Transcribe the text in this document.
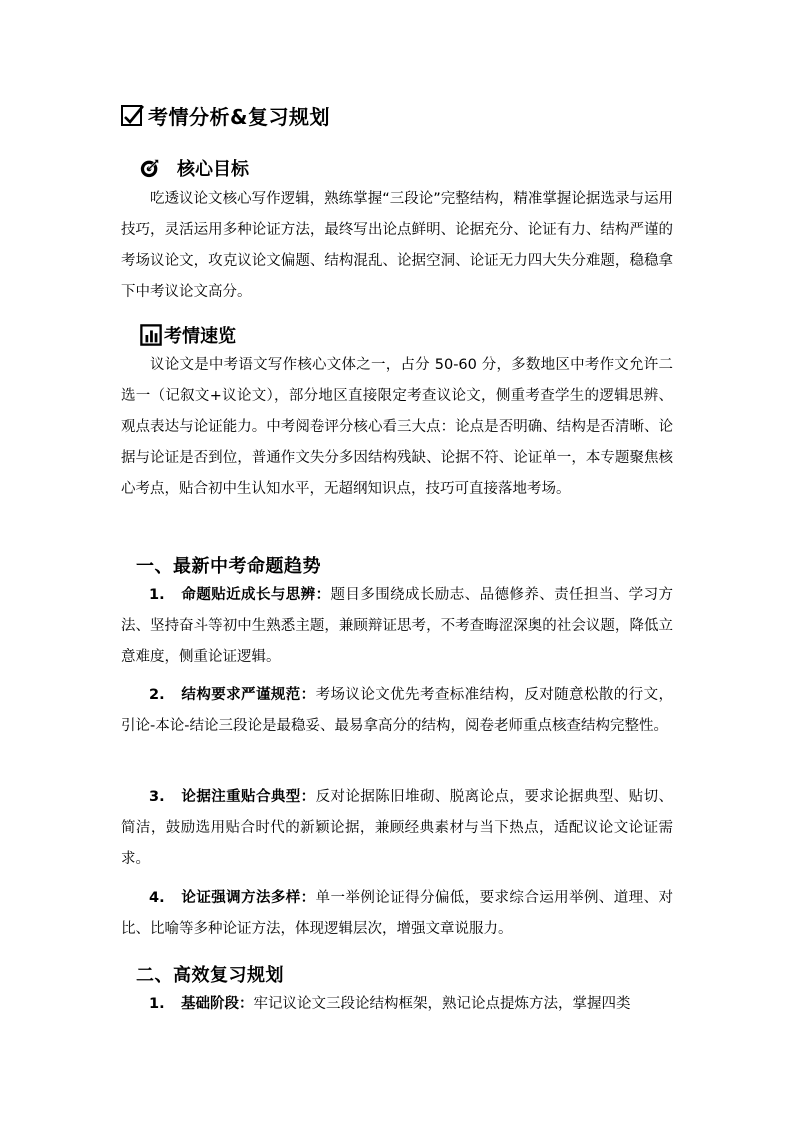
考情分析&复习规划
核心目标

吃透议论文核心写作逻辑，熟练掌握“三段论”完整结构，精准掌握论据选录与运用技巧，灵活运用多种论证方法，最终写出论点鲜明、论据充分、论证有力、结构严谨的考场议论文，攻克议论文偏题、结构混乱、论据空洞、论证无力四大失分难题，稳稳拿下中考议论文高分。

考情速览

议论文是中考语文写作核心文体之一，占分 50-60 分，多数地区中考作文允许二选一（记叙文+议论文），部分地区直接限定考查议论文，侧重考查学生的逻辑思辨、观点表达与论证能力。中考阅卷评分核心看三大点：论点是否明确、结构是否清晰、论据与论证是否到位，普通作文失分多因结构残缺、论据不符、论证单一，本专题聚焦核心考点，贴合初中生认知水平，无超纲知识点，技巧可直接落地考场。

一、最新中考命题趋势

1. 命题贴近成长与思辨：题目多围绕成长励志、品德修养、责任担当、学习方法、坚持奋斗等初中生熟悉主题，兼顾辩证思考，不考查晦涩深奥的社会议题，降低立意难度，侧重论证逻辑。

2. 结构要求严谨规范：考场议论文优先考查标准结构，反对随意松散的行文，引论-本论-结论三段论是最稳妥、最易拿高分的结构，阅卷老师重点核查结构完整性。

3. 论据注重贴合典型：反对论据陈旧堆砌、脱离论点，要求论据典型、贴切、简洁，鼓励选用贴合时代的新颖论据，兼顾经典素材与当下热点，适配议论文论证需求。

4. 论证强调方法多样：单一举例论证得分偏低，要求综合运用举例、道理、对比、比喻等多种论证方法，体现逻辑层次，增强文章说服力。

二、高效复习规划

1. 基础阶段：牢记议论文三段论结构框架，熟记论点提炼方法，掌握四类
